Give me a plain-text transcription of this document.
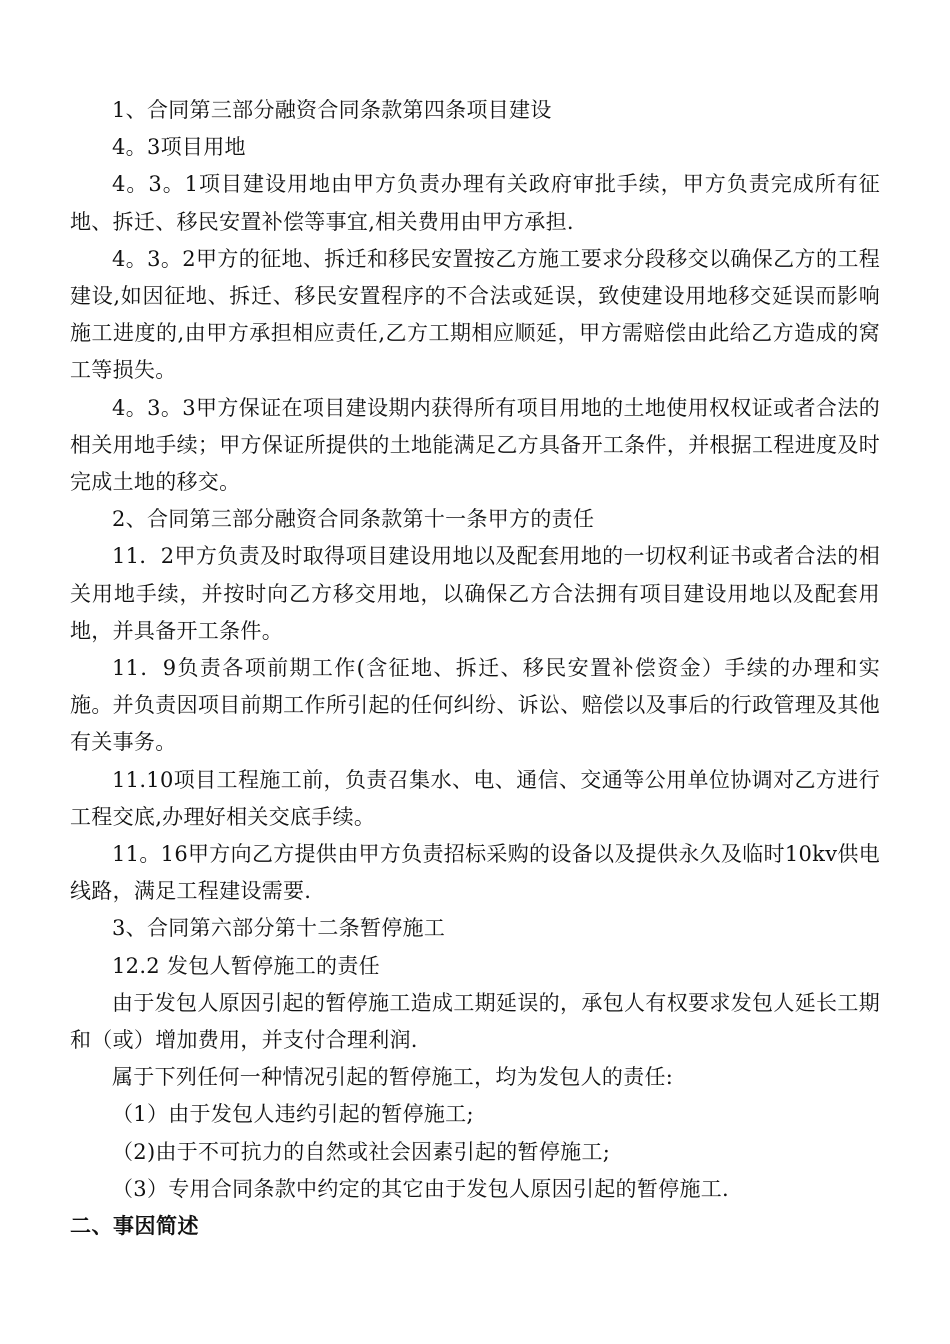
1、合同第三部分融资合同条款第四条项目建设

4。3项目用地

4。3。1项目建设用地由甲方负责办理有关政府审批手续，甲方负责完成所有征地、拆迁、移民安置补偿等事宜,相关费用由甲方承担.

4。3。2甲方的征地、拆迁和移民安置按乙方施工要求分段移交以确保乙方的工程建设,如因征地、拆迁、移民安置程序的不合法或延误，致使建设用地移交延误而影响施工进度的,由甲方承担相应责任,乙方工期相应顺延，甲方需赔偿由此给乙方造成的窝工等损失。

4。3。3甲方保证在项目建设期内获得所有项目用地的土地使用权权证或者合法的相关用地手续；甲方保证所提供的土地能满足乙方具备开工条件，并根据工程进度及时完成土地的移交。

2、合同第三部分融资合同条款第十一条甲方的责任

11．2甲方负责及时取得项目建设用地以及配套用地的一切权利证书或者合法的相关用地手续，并按时向乙方移交用地，以确保乙方合法拥有项目建设用地以及配套用地，并具备开工条件。

11．9负责各项前期工作(含征地、拆迁、移民安置补偿资金）手续的办理和实施。并负责因项目前期工作所引起的任何纠纷、诉讼、赔偿以及事后的行政管理及其他有关事务。

11.10项目工程施工前，负责召集水、电、通信、交通等公用单位协调对乙方进行工程交底,办理好相关交底手续。

11。16甲方向乙方提供由甲方负责招标采购的设备以及提供永久及临时10kv供电线路，满足工程建设需要.

3、合同第六部分第十二条暂停施工

12.2 发包人暂停施工的责任

由于发包人原因引起的暂停施工造成工期延误的，承包人有权要求发包人延长工期和（或）增加费用，并支付合理利润.

属于下列任何一种情况引起的暂停施工，均为发包人的责任:

（1）由于发包人违约引起的暂停施工;

（2)由于不可抗力的自然或社会因素引起的暂停施工;

（3）专用合同条款中约定的其它由于发包人原因引起的暂停施工.

二、事因简述
